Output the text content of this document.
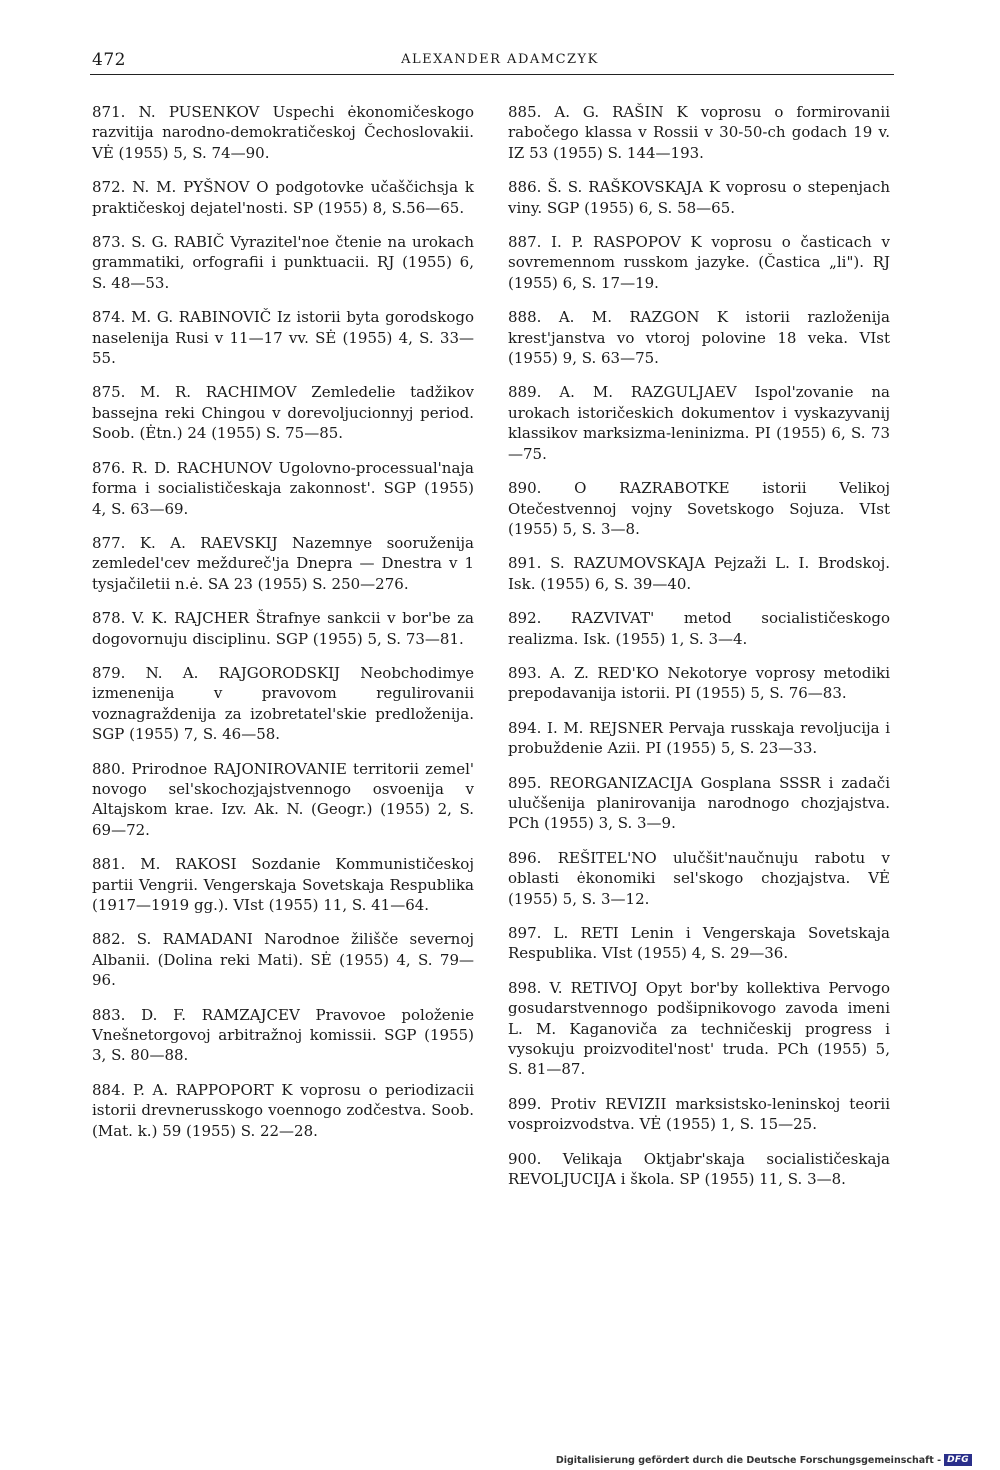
472	ALEXANDER ADAMCZYK

871. N. PUSENKOV Uspechi ėkonomičeskogo razvitija narodno-demokratičeskoj Čechoslovakii. VĖ (1955) 5, S. 74—90.

872. N. M. PYŠNOV O podgotovke učaščichsja k praktičeskoj dejatel'nosti. SP (1955) 8, S.56—65.

873. S. G. RABIČ Vyrazitel'noe čtenie na urokach grammatiki, orfografii i punktuacii. RJ (1955) 6, S. 48—53.

874. M. G. RABINOVIČ Iz istorii byta gorodskogo naselenija Rusi v 11—17 vv. SĖ (1955) 4, S. 33—55.

875. M. R. RACHIMOV Zemledelie tadžikov bassejna reki Chingou v dorevoljucionnyj period. Soob. (Ėtn.) 24 (1955) S. 75—85.

876. R. D. RACHUNOV Ugolovno-processual'naja forma i socialističeskaja zakonnost'. SGP (1955) 4, S. 63—69.

877. K. A. RAEVSKIJ Nazemnye sooruženija zemledel'cev meždureč'ja Dnepra — Dnestra v 1 tysjačiletii n.ė. SA 23 (1955) S. 250—276.

878. V. K. RAJCHER Štrafnye sankcii v bor'be za dogovornuju disciplinu. SGP (1955) 5, S. 73—81.

879. N. A. RAJGORODSKIJ Neobchodimye izmenenija v pravovom regulirovanii voznagraždenija za izobretatel'skie predloženija. SGP (1955) 7, S. 46—58.

880. Prirodnoe RAJONIROVANIE territorii zemel' novogo sel'skochozjajstvennogo osvoenija v Altajskom krae. Izv. Ak. N. (Geogr.) (1955) 2, S. 69—72.

881. M. RAKOSI Sozdanie Kommunističeskoj partii Vengrii. Vengerskaja Sovetskaja Respublika (1917—1919 gg.). VIst (1955) 11, S. 41—64.

882. S. RAMADANI Narodnoe žilišče severnoj Albanii. (Dolina reki Mati). SĖ (1955) 4, S. 79—96.

883. D. F. RAMZAJCEV Pravovoe položenie Vnešnetorgovoj arbitražnoj komissii. SGP (1955) 3, S. 80—88.

884. P. A. RAPPOPORT K voprosu o periodizacii istorii drevnerusskogo voennogo zodčestva. Soob. (Mat. k.) 59 (1955) S. 22—28.

885. A. G. RAŠIN K voprosu o formirovanii rabočego klassa v Rossii v 30-50-ch godach 19 v. IZ 53 (1955) S. 144—193.

886. Š. S. RAŠKOVSKAJA K voprosu o stepenjach viny. SGP (1955) 6, S. 58—65.

887. I. P. RASPOPOV K voprosu o časticach v sovremennom russkom jazyke. (Častica „li"). RJ (1955) 6, S. 17—19.

888. A. M. RAZGON K istorii razloženija krest'janstva vo vtoroj polovine 18 veka. VIst (1955) 9, S. 63—75.

889. A. M. RAZGULJAEV Ispol'zovanie na urokach istoričeskich dokumentov i vyskazyvanij klassikov marksizma-leninizma. PI (1955) 6, S. 73—75.

890. O RAZRABOTKE istorii Velikoj Otečestvennoj vojny Sovetskogo Sojuza. VIst (1955) 5, S. 3—8.

891. S. RAZUMOVSKAJA Pejzaži L. I. Brodskoj. Isk. (1955) 6, S. 39—40.

892. RAZVIVAT' metod socialističeskogo realizma. Isk. (1955) 1, S. 3—4.

893. A. Z. RED'KO Nekotorye voprosy metodiki prepodavanija istorii. PI (1955) 5, S. 76—83.

894. I. M. REJSNER Pervaja russkaja revoljucija i probuždenie Azii. PI (1955) 5, S. 23—33.

895. REORGANIZACIJA Gosplana SSSR i zadači ulučšenija planirovanija narodnogo chozjajstva. PCh (1955) 3, S. 3—9.

896. REŠITEL'NO ulučšit'naučnuju rabotu v oblasti ėkonomiki sel'skogo chozjajstva. VĖ (1955) 5, S. 3—12.

897. L. RETI Lenin i Vengerskaja Sovetskaja Respublika. VIst (1955) 4, S. 29—36.

898. V. RETIVOJ Opyt bor'by kollektiva Pervogo gosudarstvennogo podšipnikovogo zavoda imeni L. M. Kaganoviča za techničeskij progress i vysokuju proizvoditel'nost' truda. PCh (1955) 5, S. 81—87.

899. Protiv REVIZII marksistsko-leninskoj teorii vosproizvodstva. VĖ (1955) 1, S. 15—25.

900. Velikaja Oktjabr'skaja socialističeskaja REVOLJUCIJA i škola. SP (1955) 11, S. 3—8.

Digitalisierung gefördert durch die Deutsche Forschungsgemeinschaft - DFG
